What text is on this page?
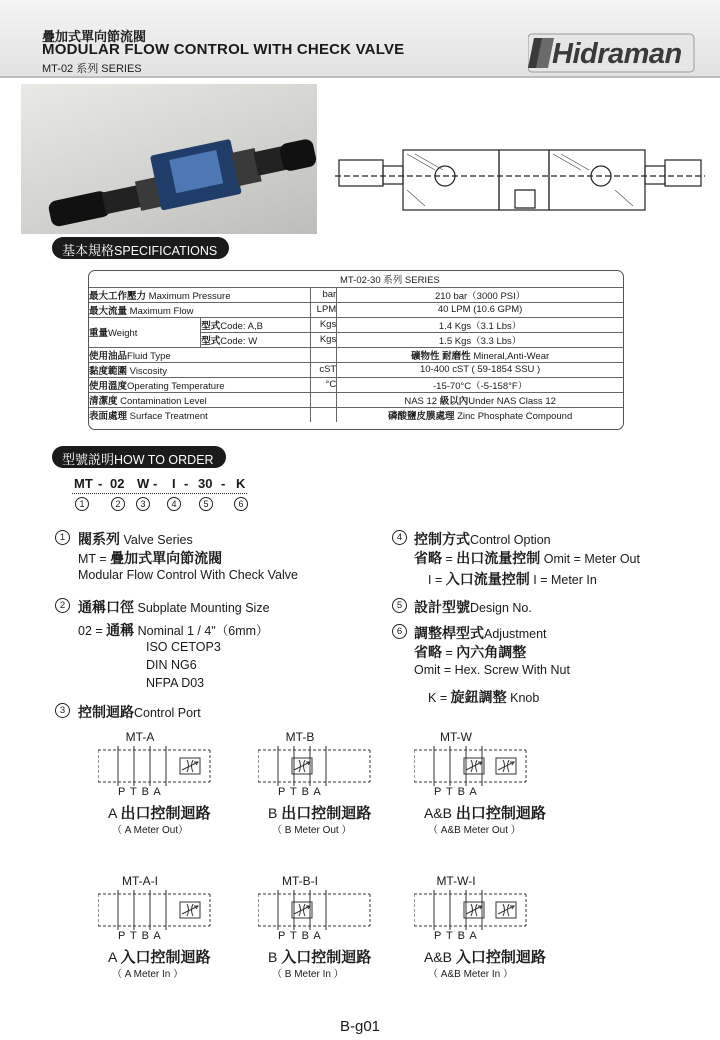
疊加式單向節流閥
MODULAR FLOW CONTROL WITH CHECK VALVE
MT-02 系列 SERIES	Hidraman
基本規格SPECIFICATIONS
	MT-02-30 系列 SERIES
最大工作壓力 Maximum Pressure	bar	210 bar（3000 PSI）
最大流量 Maximum Flow	LPM	40 LPM (10.6 GPM)
重量Weight	型式Code: A,B	Kgs	1.4 Kgs（3.1 Lbs）
型式Code: W	Kgs	1.5 Kgs（3.3 Lbs）
使用油品Fluid Type		礦物性 耐磨性 Mineral,Anti-Wear
黏度範圍 Viscosity	cST	10-400 cST ( 59-1854 SSU )
使用溫度Operating Temperature	°C	-15-70°C（-5-158°F）
清潔度 Contamination Level		NAS 12 級以內Under NAS Class 12
表面處理 Surface Treatment		磷酸鹽皮膜處理 Zinc Phosphate Compound
型號説明HOW TO ORDER
MT - 02 W - I - 30 - K
1	2	3	4	5	6
1 閥系列 Valve Series
MT = 疊加式單向節流閥
Modular Flow Control With Check Valve
2 通稱口徑 Subplate Mounting Size
02 = 通稱 Nominal 1 / 4"（6mm）
ISO CETOP3
DIN NG6
NFPA D03
3 控制迴路Control Port
4 控制方式Control Option
省略 = 出口流量控制 Omit = Meter Out
I = 入口流量控制 I = Meter In
5 設計型號Design No.
6 調整桿型式Adjustment
省略 = 內六角調整
Omit = Hex. Screw With Nut
K = 旋鈕調整 Knob
MT-A
P T B A
A 出口控制迴路
（ A Meter Out）
MT-B
P T B A
B 出口控制迴路
（ B Meter Out ）
MT-W
P T B A
A&B 出口控制迴路
（ A&B Meter Out ）
MT-A-I
P T B A
A 入口控制迴路
（ A Meter In ）
MT-B-I
P T B A
B 入口控制迴路
（ B Meter In ）
MT-W-I
P T B A
A&B 入口控制迴路
（ A&B Meter In ）
B-g01
